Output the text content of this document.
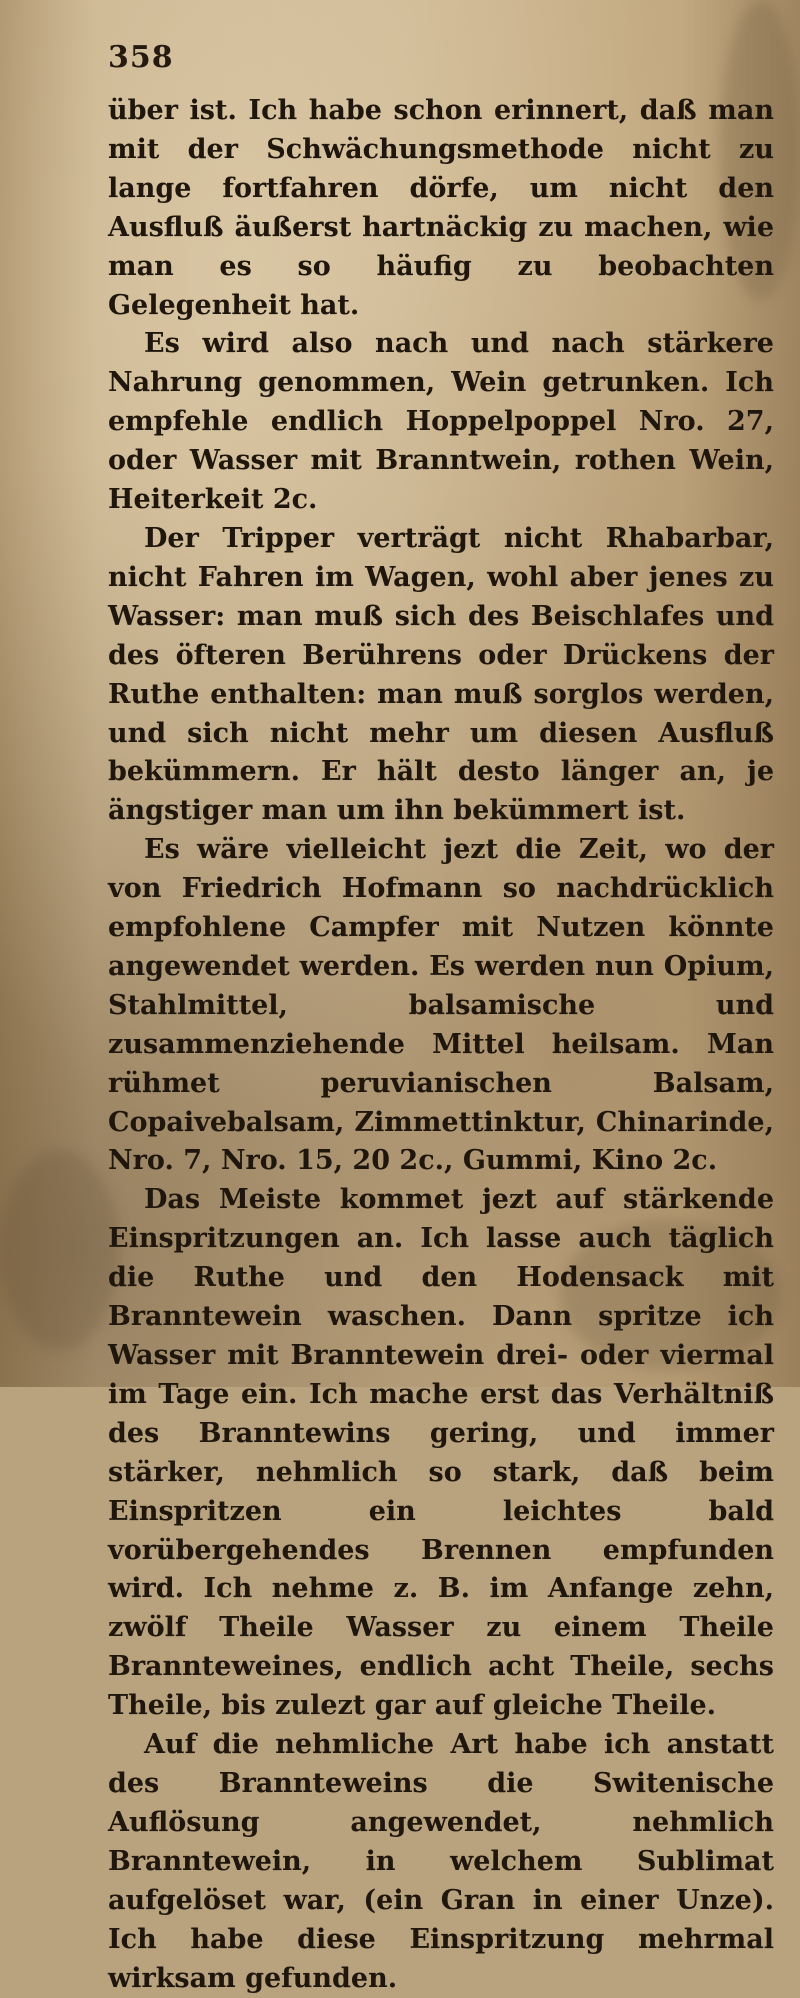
358

über ist. Ich habe schon erinnert, daß man mit der Schwächungsmethode nicht zu lange fortfahren dörfe, um nicht den Ausfluß äußerst hartnäckig zu machen, wie man es so häufig zu beobachten Gelegenheit hat.

Es wird also nach und nach stärkere Nahrung genommen, Wein getrunken. Ich empfehle endlich Hoppelpoppel Nro. 27, oder Wasser mit Branntwein, rothen Wein, Heiterkeit 2c.

Der Tripper verträgt nicht Rhabarbar, nicht Fahren im Wagen, wohl aber jenes zu Wasser: man muß sich des Beischlafes und des öfteren Berührens oder Drückens der Ruthe enthalten: man muß sorglos werden, und sich nicht mehr um diesen Ausfluß bekümmern. Er hält desto länger an, je ängstiger man um ihn bekümmert ist.

Es wäre vielleicht jezt die Zeit, wo der von Friedrich Hofmann so nachdrücklich empfohlene Campfer mit Nutzen könnte angewendet werden. Es werden nun Opium, Stahlmittel, balsamische und zusammenziehende Mittel heilsam. Man rühmet peruvianischen Balsam, Copaivebalsam, Zimmettinktur, Chinarinde, Nro. 7, Nro. 15, 20 2c., Gummi, Kino 2c.

Das Meiste kommet jezt auf stärkende Einspritzungen an. Ich lasse auch täglich die Ruthe und den Hodensack mit Branntewein waschen. Dann spritze ich Wasser mit Branntewein drei- oder viermal im Tage ein. Ich mache erst das Verhältniß des Branntewins gering, und immer stärker, nehmlich so stark, daß beim Einspritzen ein leichtes bald vorübergehendes Brennen empfunden wird. Ich nehme z. B. im Anfange zehn, zwölf Theile Wasser zu einem Theile Brannteweines, endlich acht Theile, sechs Theile, bis zulezt gar auf gleiche Theile.

Auf die nehmliche Art habe ich anstatt des Brannteweins die Switenische Auflösung angewendet, nehmlich Branntewein, in welchem Sublimat aufgelöset war, (ein Gran in einer Unze). Ich habe diese Einspritzung mehrmal wirksam gefunden.
